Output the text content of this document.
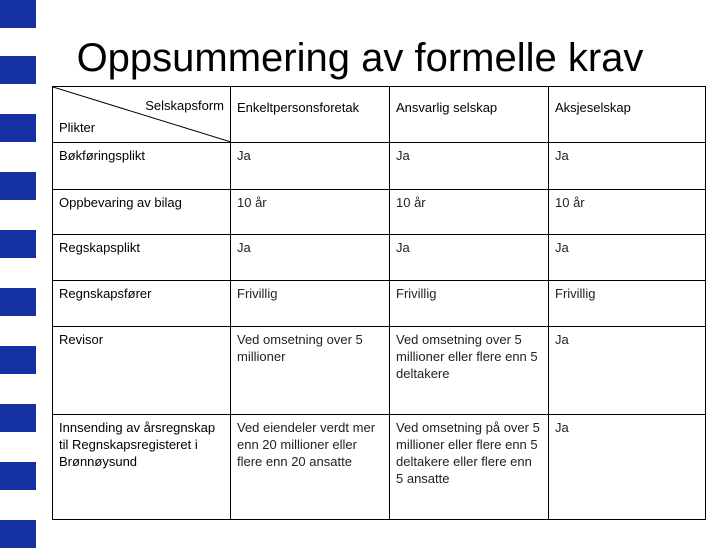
Oppsummering av formelle krav
Selskapsform
Plikter	Enkeltpersonsforetak	Ansvarlig selskap	Aksjeselskap
Bøkføringsplikt	Ja	Ja	Ja
Oppbevaring av bilag	10 år	10 år	10 år
Regskapsplikt	Ja	Ja	Ja
Regnskapsfører	Frivillig	Frivillig	Frivillig
Revisor	Ved omsetning over 5 millioner	Ved omsetning over 5 millioner eller flere enn 5 deltakere	Ja
Innsending av årsregnskap til Regnskapsregisteret i Brønnøysund	Ved eiendeler verdt mer enn 20 millioner eller flere enn 20 ansatte	Ved omsetning på over 5 millioner eller flere enn 5 deltakere eller flere enn 5 ansatte	Ja
